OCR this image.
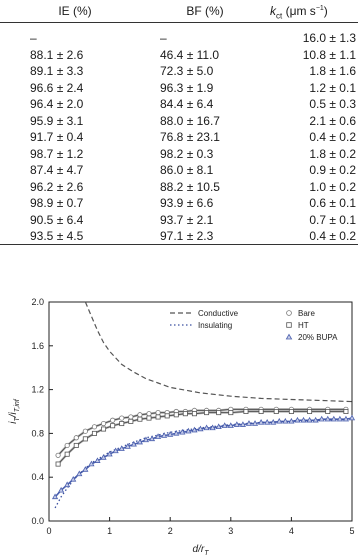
IE (%)	BF (%)	$k_{ct}$ (μm $s^{-1}$)
–	–	16.0 ± 1.3
88.1 ± 2.6	46.4 ± 11.0	10.8 ± 1.1
89.1 ± 3.3	72.3 ± 5.0	1.8 ± 1.6
96.6 ± 2.4	96.3 ± 1.9	1.2 ± 0.1
96.4 ± 2.0	84.4 ± 6.4	0.5 ± 0.3
95.9 ± 3.1	88.0 ± 16.7	2.1 ± 0.6
91.7 ± 0.4	76.8 ± 23.1	0.4 ± 0.2
98.7 ± 1.2	98.2 ± 0.3	1.8 ± 0.2
87.4 ± 4.7	86.0 ± 8.1	0.9 ± 0.2
96.2 ± 2.6	88.2 ± 10.5	1.0 ± 0.2
98.9 ± 0.7	93.9 ± 6.6	0.6 ± 0.1
90.5 ± 6.4	93.7 ± 2.1	0.7 ± 0.1
93.5 ± 4.5	97.1 ± 2.3	0.4 ± 0.2
0	1	2	3	4	5
0.0
0.4
0.8
1.2
1.6
2.0
$d/r_T$
$i_T/i_{T,inf}$
Conductive
Insulating
Bare
HT
20% BUPA
